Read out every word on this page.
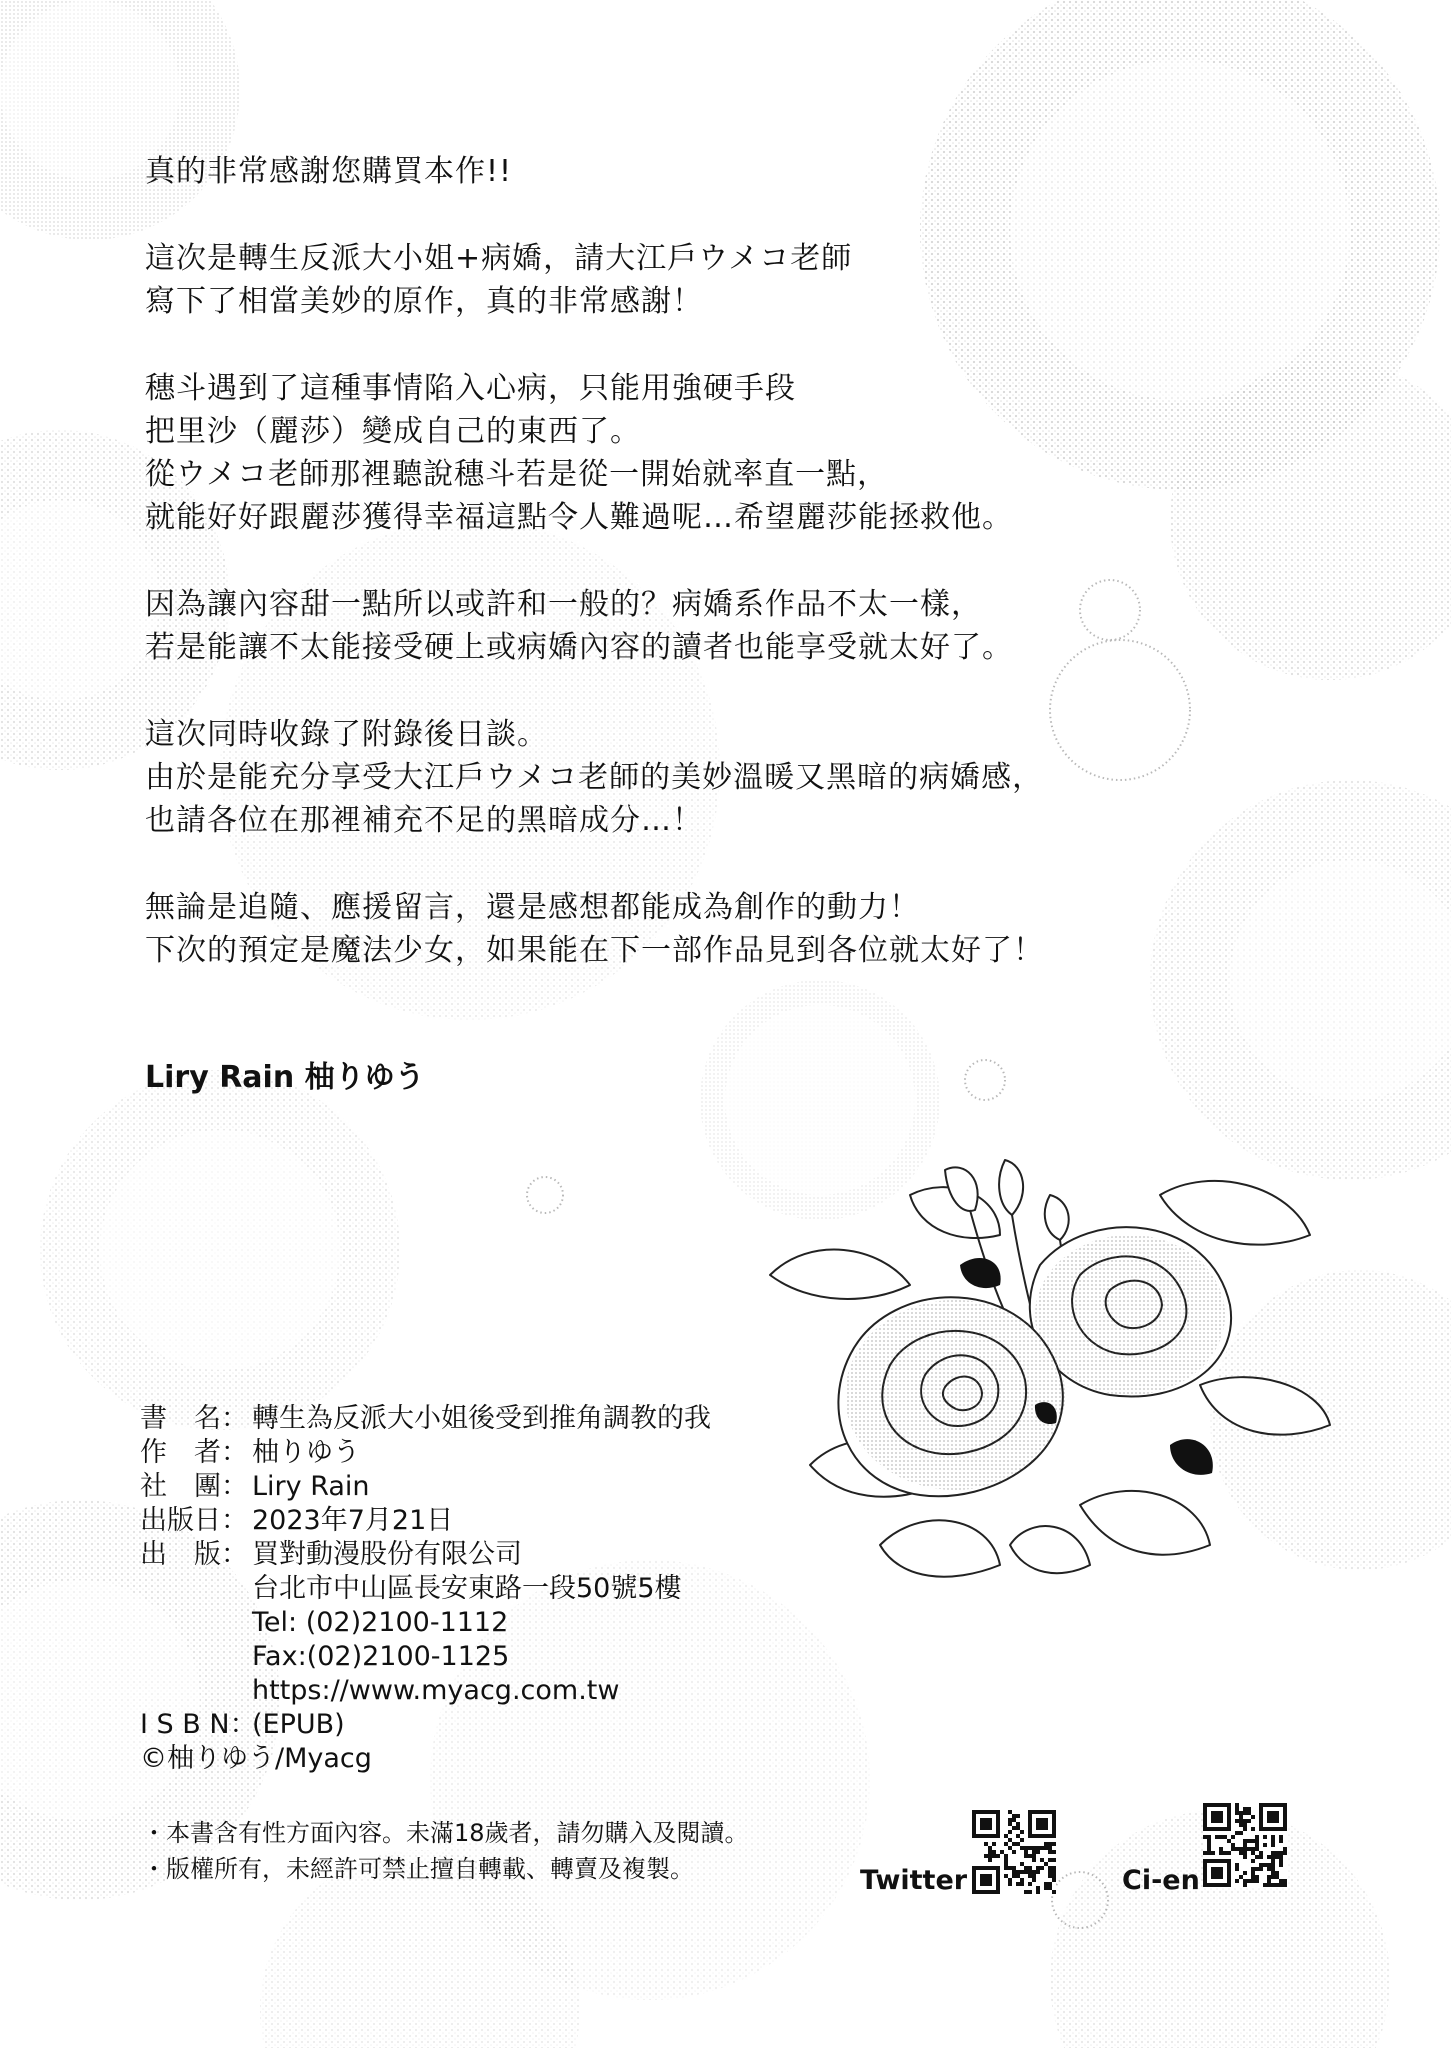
真的非常感謝您購買本作!!
這次是轉生反派大小姐+病嬌，請大江戶ウメコ老師
寫下了相當美妙的原作，真的非常感謝！
穗斗遇到了這種事情陷入心病，只能用強硬手段
把里沙（麗莎）變成自己的東西了。
從ウメコ老師那裡聽說穗斗若是從一開始就率直一點，
就能好好跟麗莎獲得幸福這點令人難過呢…希望麗莎能拯救他。
因為讓內容甜一點所以或許和一般的？病嬌系作品不太一樣，
若是能讓不太能接受硬上或病嬌內容的讀者也能享受就太好了。
這次同時收錄了附錄後日談。
由於是能充分享受大江戶ウメコ老師的美妙溫暖又黑暗的病嬌感，
也請各位在那裡補充不足的黑暗成分…！
無論是追隨、應援留言，還是感想都能成為創作的動力！
下次的預定是魔法少女，如果能在下一部作品見到各位就太好了！
Liry Rain 柚りゆう
書　名： 轉生為反派大小姐後受到推角調教的我
作　者： 柚りゆう
社　團： Liry Rain
出版日： 2023年7月21日
出　版： 買對動漫股份有限公司
台北市中山區長安東路一段50號5樓
Tel: (02)2100-1112
Fax:(02)2100-1125
https://www.myacg.com.tw
I S B N：
(EPUB)
©柚りゆう/Myacg
・本書含有性方面內容。未滿18歲者，請勿購入及閱讀。
・版權所有，未經許可禁止擅自轉載、轉賣及複製。	Twitter	Ci-en
